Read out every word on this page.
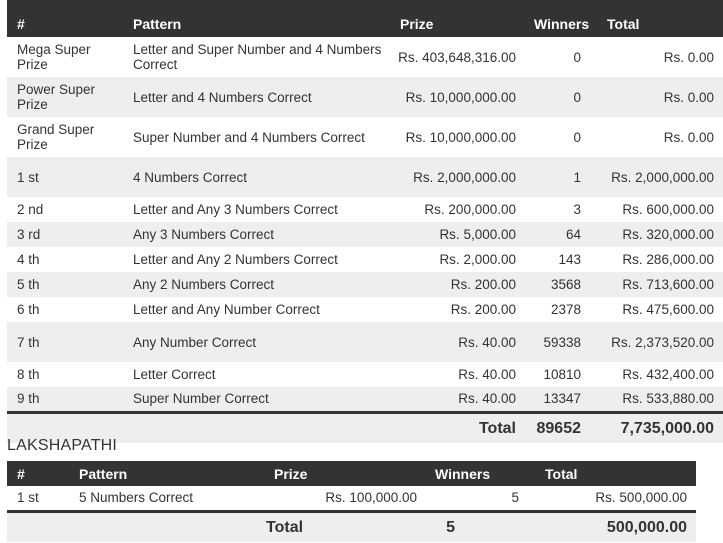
#	Pattern	Prize	Winners	Total
Mega Super Prize	Letter and Super Number and 4 Numbers Correct	Rs. 403,648,316.00	0	Rs. 0.00
Power Super Prize	Letter and 4 Numbers Correct	Rs. 10,000,000.00	0	Rs. 0.00
Grand Super Prize	Super Number and 4 Numbers Correct	Rs. 10,000,000.00	0	Rs. 0.00
1 st	4 Numbers Correct	Rs. 2,000,000.00	1	Rs. 2,000,000.00
2 nd	Letter and Any 3 Numbers Correct	Rs. 200,000.00	3	Rs. 600,000.00
3 rd	Any 3 Numbers Correct	Rs. 5,000.00	64	Rs. 320,000.00
4 th	Letter and Any 2 Numbers Correct	Rs. 2,000.00	143	Rs. 286,000.00
5 th	Any 2 Numbers Correct	Rs. 200.00	3568	Rs. 713,600.00
6 th	Letter and Any Number Correct	Rs. 200.00	2378	Rs. 475,600.00
7 th	Any Number Correct	Rs. 40.00	59338	Rs. 2,373,520.00
8 th	Letter Correct	Rs. 40.00	10810	Rs. 432,400.00
9 th	Super Number Correct	Rs. 40.00	13347	Rs. 533,880.00
		Total	89652	7,735,000.00
LAKSHAPATHI
#	Pattern	Prize	Winners	Total
1 st	5 Numbers Correct	Rs. 100,000.00	5	Rs. 500,000.00
		Total	5	500,000.00
